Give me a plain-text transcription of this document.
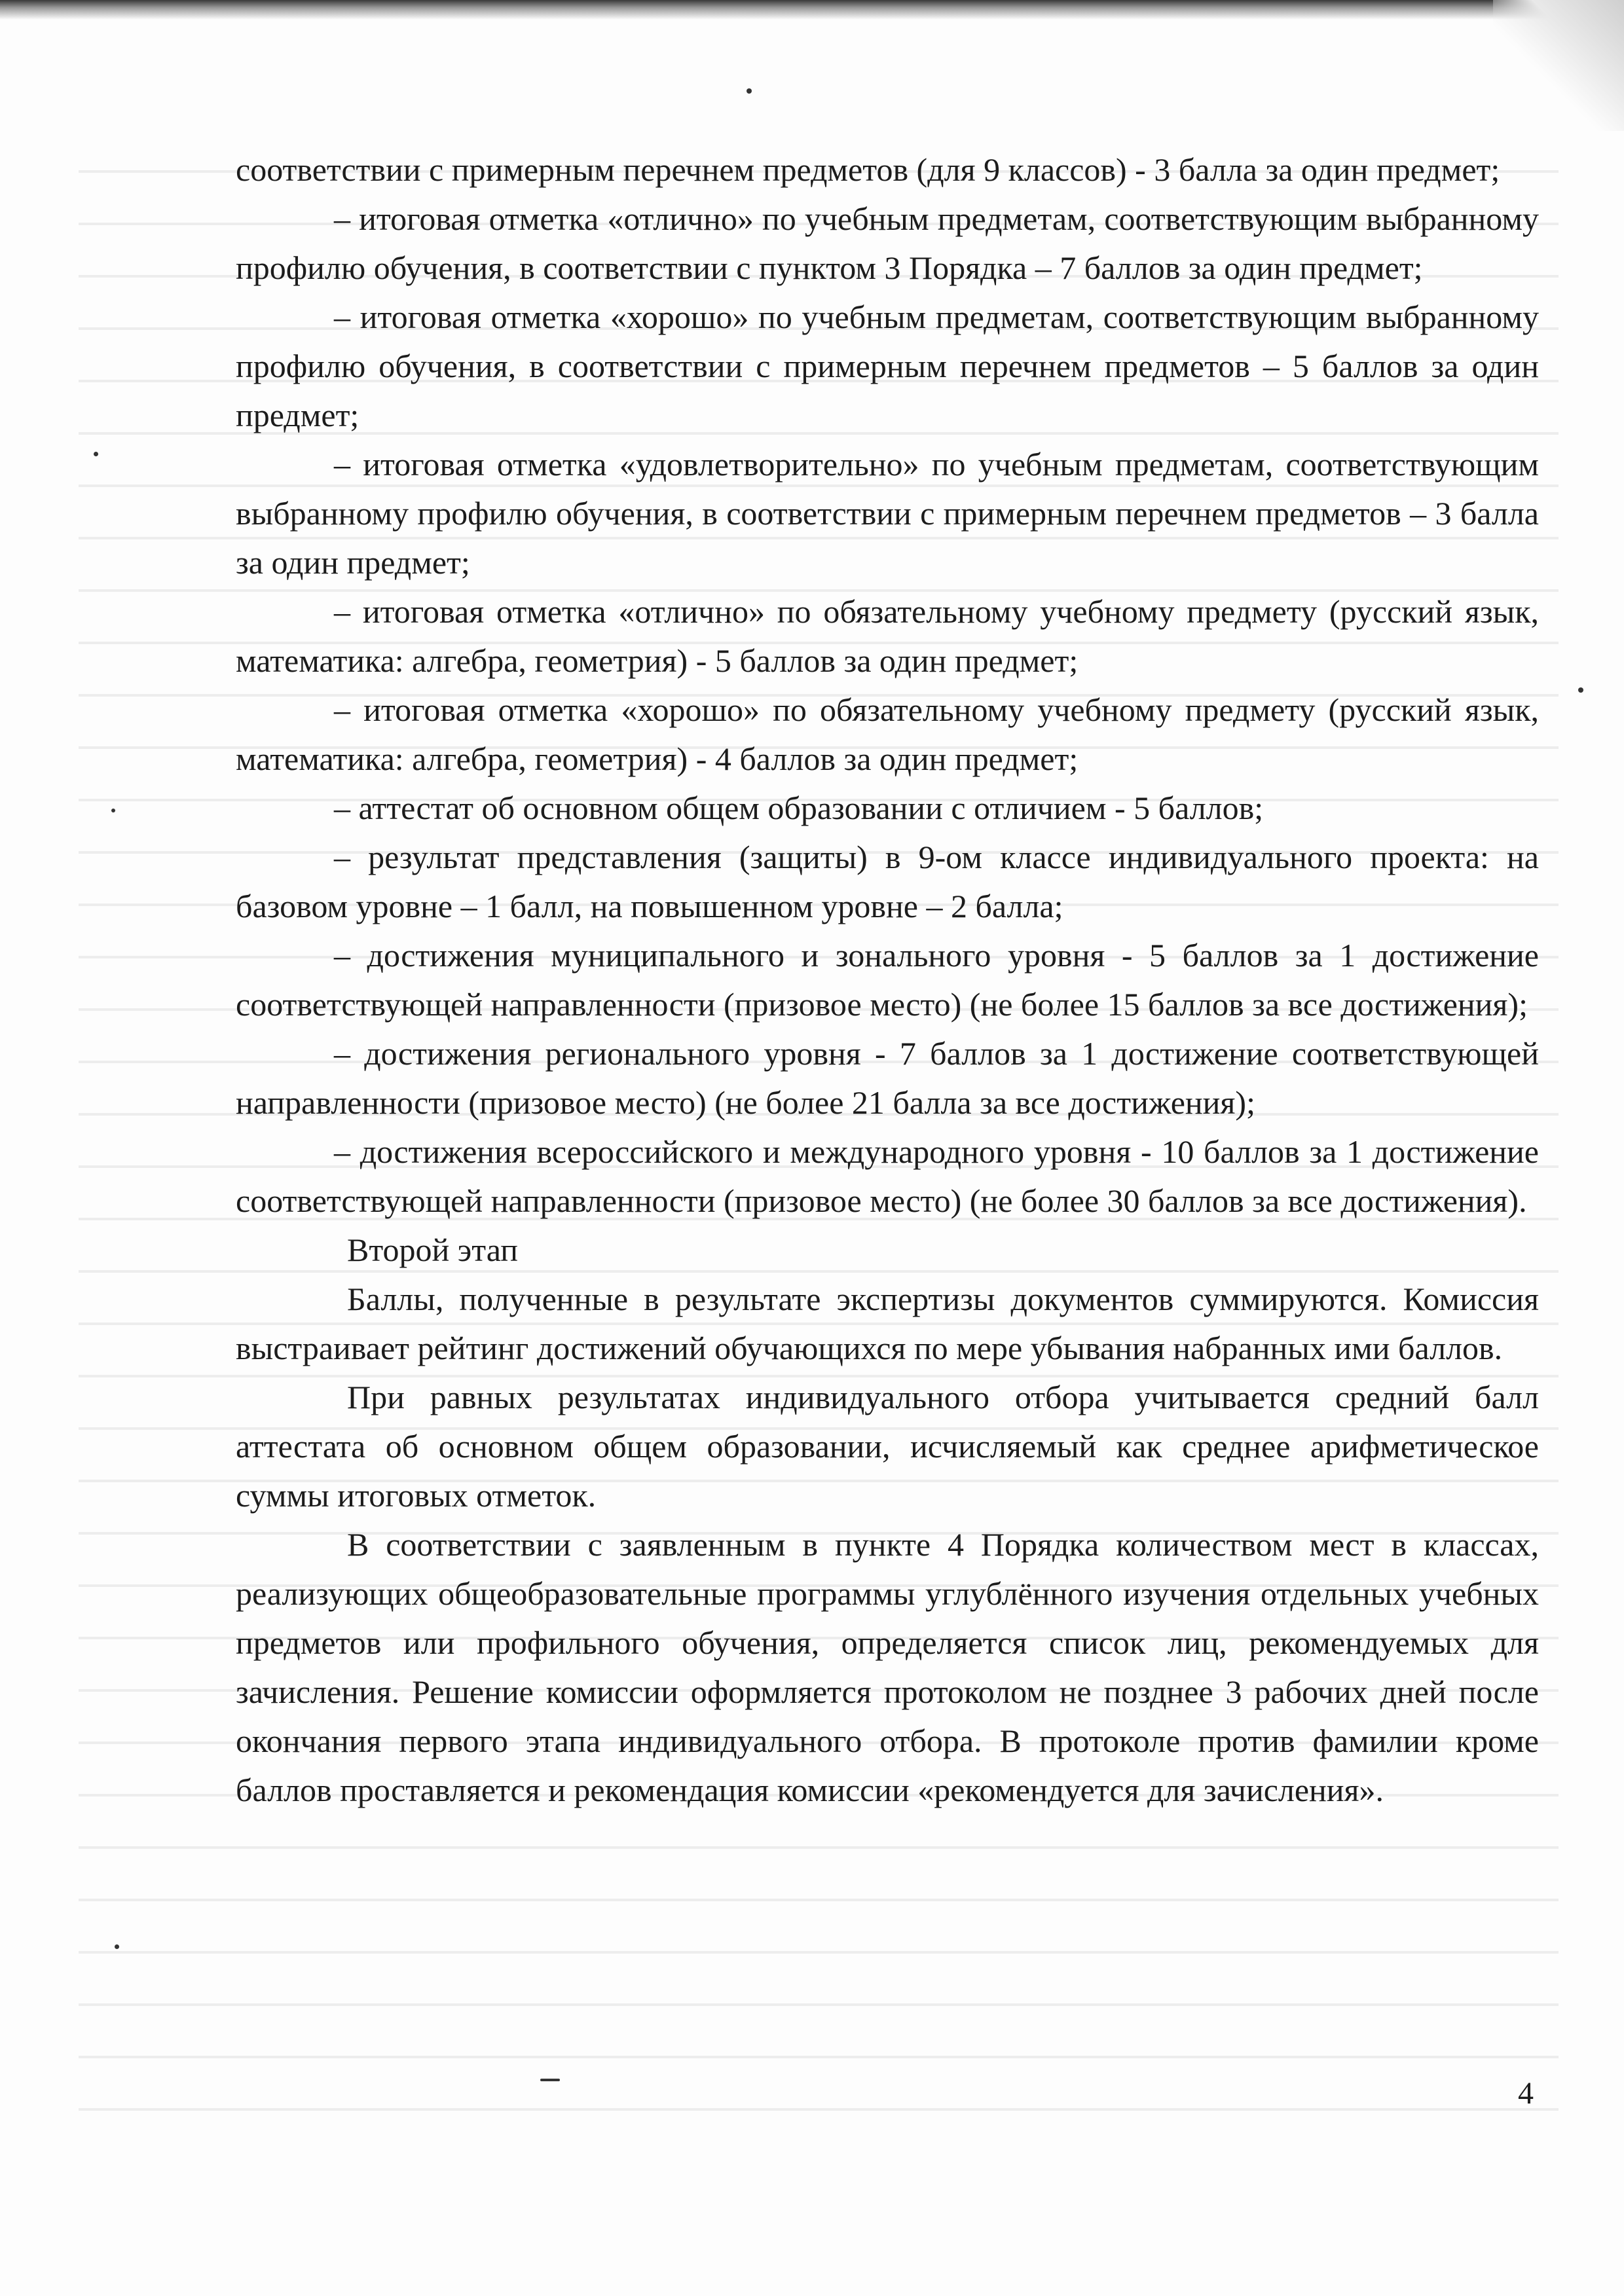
соответствии с примерным перечнем предметов (для 9 классов) - 3 балла за один предмет;

– итоговая отметка «отлично» по учебным предметам, соответствующим выбранному профилю обучения, в соответствии с пунктом 3 Порядка – 7 баллов за один предмет;

– итоговая отметка «хорошо» по учебным предметам, соответствующим выбранному профилю обучения, в соответствии с примерным перечнем предметов – 5 баллов за один предмет;

– итоговая отметка «удовлетворительно» по учебным предметам, соответствующим выбранному профилю обучения, в соответствии с примерным перечнем предметов – 3 балла за один предмет;

– итоговая отметка «отлично» по обязательному учебному предмету (русский язык, математика: алгебра, геометрия) - 5 баллов за один предмет;

– итоговая отметка «хорошо» по обязательному учебному предмету (русский язык, математика: алгебра, геометрия) - 4 баллов за один предмет;

– аттестат об основном общем образовании с отличием - 5 баллов;

– результат представления (защиты) в 9-ом классе индивидуального проекта: на базовом уровне – 1 балл, на повышенном уровне – 2 балла;

– достижения муниципального и зонального уровня - 5 баллов за 1 достижение соответствующей направленности (призовое место) (не более 15 баллов за все достижения);

– достижения регионального уровня - 7 баллов за 1 достижение соответствующей направленности (призовое место) (не более 21 балла за все достижения);

– достижения всероссийского и международного уровня - 10 баллов за 1 достижение соответствующей направленности (призовое место) (не более 30 баллов за все достижения).

Второй этап

Баллы, полученные в результате экспертизы документов суммируются. Комиссия выстраивает рейтинг достижений обучающихся по мере убывания набранных ими баллов.

При равных результатах индивидуального отбора учитывается средний балл аттестата об основном общем образовании, исчисляемый как среднее арифметическое суммы итоговых отметок.

В соответствии с заявленным в пункте 4 Порядка количеством мест в классах, реализующих общеобразовательные программы углублённого изучения отдельных учебных предметов или профильного обучения, определяется список лиц, рекомендуемых для зачисления. Решение комиссии оформляется протоколом не позднее 3 рабочих дней после окончания первого этапа индивидуального отбора. В протоколе против фамилии кроме баллов проставляется и рекомендация комиссии «рекомендуется для зачисления».

4
